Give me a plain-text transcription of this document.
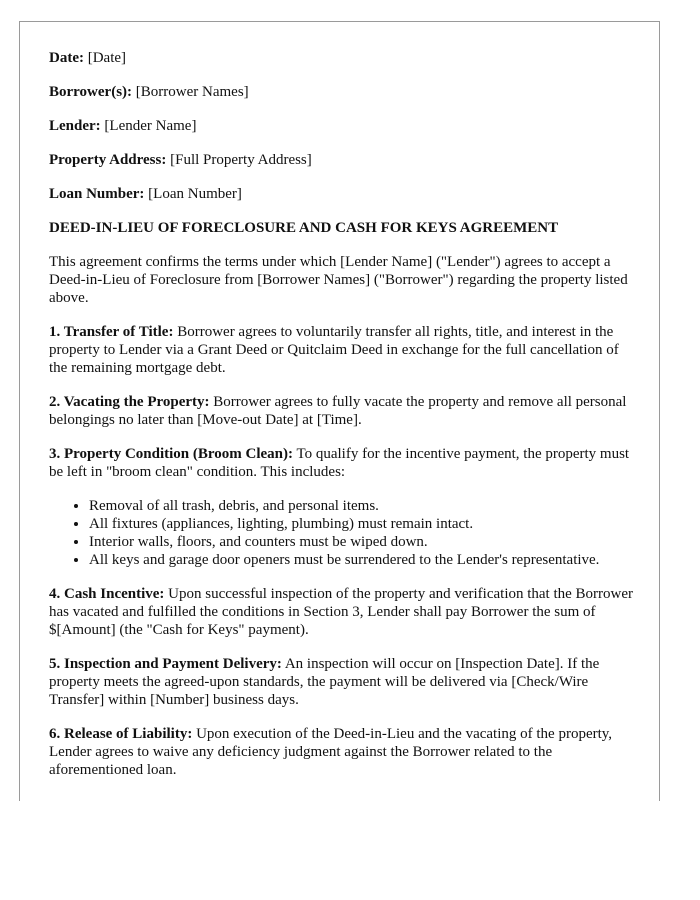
Date: [Date]
Borrower(s): [Borrower Names]
Lender: [Lender Name]
Property Address: [Full Property Address]
Loan Number: [Loan Number]
DEED-IN-LIEU OF FORECLOSURE AND CASH FOR KEYS AGREEMENT

This agreement confirms the terms under which [Lender Name] ("Lender") agrees to accept a Deed-in-Lieu of Foreclosure from [Borrower Names] ("Borrower") regarding the property listed above.

1. Transfer of Title: Borrower agrees to voluntarily transfer all rights, title, and interest in the property to Lender via a Grant Deed or Quitclaim Deed in exchange for the full cancellation of the remaining mortgage debt.

2. Vacating the Property: Borrower agrees to fully vacate the property and remove all personal belongings no later than [Move-out Date] at [Time].

3. Property Condition (Broom Clean): To qualify for the incentive payment, the property must be left in "broom clean" condition. This includes:

• Removal of all trash, debris, and personal items.
• All fixtures (appliances, lighting, plumbing) must remain intact.
• Interior walls, floors, and counters must be wiped down.
• All keys and garage door openers must be surrendered to the Lender's representative.

4. Cash Incentive: Upon successful inspection of the property and verification that the Borrower has vacated and fulfilled the conditions in Section 3, Lender shall pay Borrower the sum of $[Amount] (the "Cash for Keys" payment).

5. Inspection and Payment Delivery: An inspection will occur on [Inspection Date]. If the property meets the agreed-upon standards, the payment will be delivered via [Check/Wire Transfer] within [Number] business days.

6. Release of Liability: Upon execution of the Deed-in-Lieu and the vacating of the property, Lender agrees to waive any deficiency judgment against the Borrower related to the aforementioned loan.
